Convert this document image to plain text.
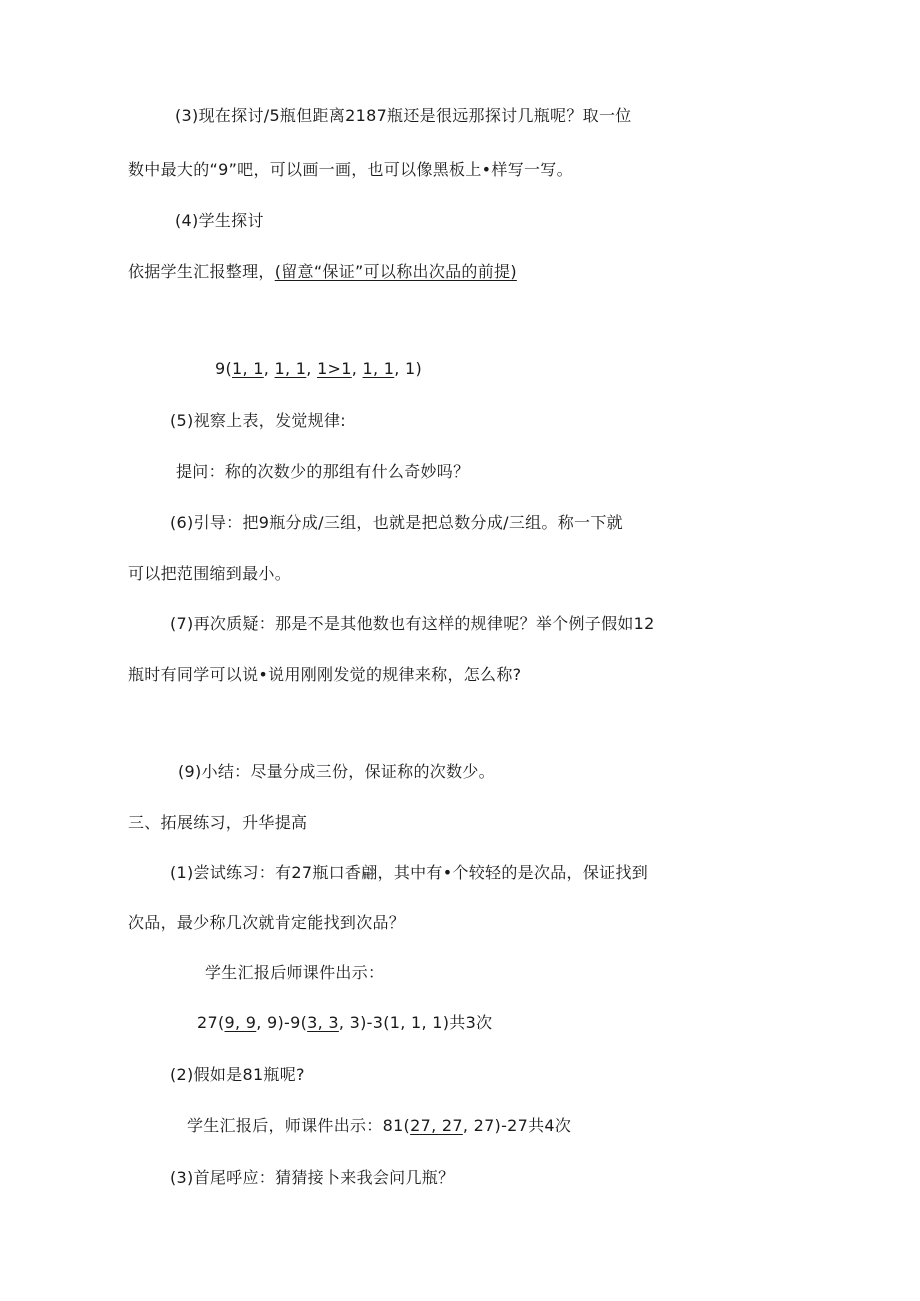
(3)现在探讨/5瓶但距离2187瓶还是很远那探讨几瓶呢？取一位
数中最大的“9”吧，可以画一画，也可以像黑板上•样写一写。
(4)学生探讨
依据学生汇报整理，(留意“保证”可以称出次品的前提)
9(1, 1, 1, 1, 1>1, 1, 1, 1)
(5)视察上表，发觉规律:
提问：称的次数少的那组有什么奇妙吗？
(6)引导：把9瓶分成/三组，也就是把总数分成/三组。称一下就
可以把范围缩到最小。
(7)再次质疑：那是不是其他数也有这样的规律呢？举个例子假如12
瓶时有同学可以说•说用刚刚发觉的规律来称，怎么称?
(9)小结：尽量分成三份，保证称的次数少。
三、拓展练习，升华提高
(1)尝试练习：有27瓶口香翩，其中有•个较轻的是次品，保证找到
次品，最少称几次就肯定能找到次品？
学生汇报后师课件出示：
27(9, 9, 9)-9(3, 3, 3)-3(1, 1, 1)共3次
(2)假如是81瓶呢?
学生汇报后，师课件出示：81(27, 27, 27)-27共4次
(3)首尾呼应：猜猜接卜来我会问几瓶？
